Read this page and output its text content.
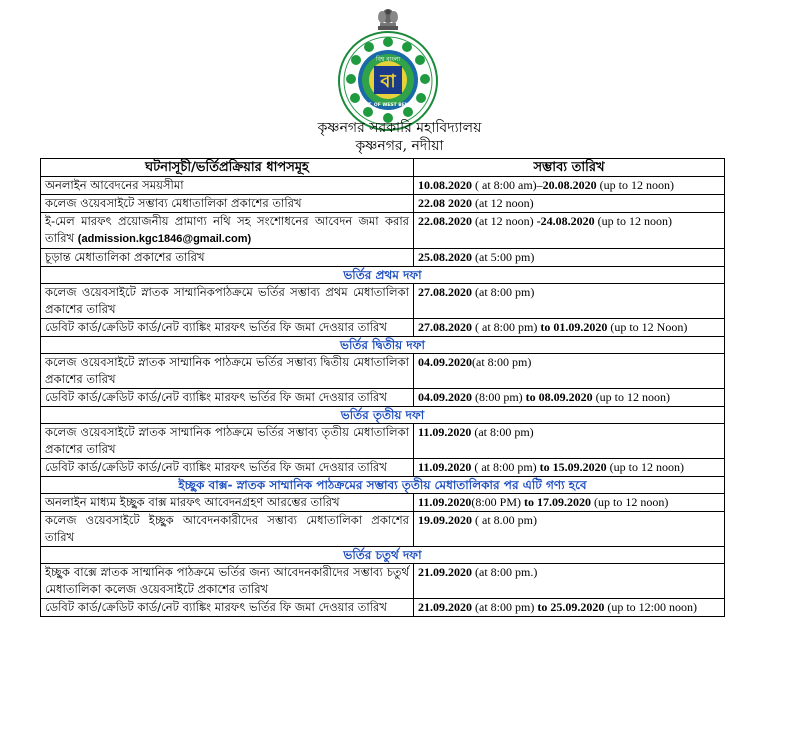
বা
বিশ্ব বাংলা
GOVT. OF WEST BENGAL
কৃষ্ণনগর সরকারি মহাবিদ্যালয়
কৃষ্ণনগর, নদীয়া
ঘটনাসূচী/ভর্তিপ্রক্রিয়ার ধাপসমূহ	সম্ভাব্য তারিখ
অনলাইন আবেদনের সময়সীমা	10.08.2020 ( at 8:00 am)–20.08.2020 (up to 12 noon)
কলেজ ওয়েবসাইটে সম্ভাব্য মেধাতালিকা প্রকাশের তারিখ	22.08 2020 (at 12 noon)
ই-মেল মারফৎ প্রয়োজনীয় প্রামাণ্য নথি সহ সংশোধনের আবেদন জমা করার তারিখ (admission.kgc1846@gmail.com)	22.08.2020 (at 12 noon) -24.08.2020 (up to 12 noon)
চূড়ান্ত মেধাতালিকা প্রকাশের তারিখ	25.08.2020 (at 5:00 pm)
ভর্তির প্রথম দফা	
কলেজ ওয়েবসাইটে স্নাতক সাম্মানিকপাঠক্রমে ভর্তির সম্ভাব্য প্রথম মেধাতালিকা প্রকাশের তারিখ	27.08.2020 (at 8:00 pm)
ডেবিট কার্ড/ক্রেডিট কার্ড/নেট ব্যাঙ্কিং মারফৎ ভর্তির ফি জমা দেওয়ার তারিখ	27.08.2020 ( at 8:00 pm) to 01.09.2020 (up to 12 Noon)
ভর্তির দ্বিতীয় দফা	
কলেজ ওয়েবসাইটে স্নাতক সাম্মানিক পাঠক্রমে ভর্তির সম্ভাব্য দ্বিতীয় মেধাতালিকা প্রকাশের তারিখ	04.09.2020(at 8:00 pm)
ডেবিট কার্ড/ক্রেডিট কার্ড/নেট ব্যাঙ্কিং মারফৎ ভর্তির ফি জমা দেওয়ার তারিখ	04.09.2020 (8:00 pm) to 08.09.2020 (up to 12 noon)
ভর্তির তৃতীয় দফা	
কলেজ ওয়েবসাইটে স্নাতক সাম্মানিক পাঠক্রমে ভর্তির সম্ভাব্য তৃতীয় মেধাতালিকা প্রকাশের তারিখ	11.09.2020 (at 8:00 pm)
ডেবিট কার্ড/ক্রেডিট কার্ড/নেট ব্যাঙ্কিং মারফৎ ভর্তির ফি জমা দেওয়ার তারিখ	11.09.2020 ( at 8:00 pm) to 15.09.2020 (up to 12 noon)
ইচ্ছুক বাক্স- স্নাতক সাম্মানিক পাঠক্রমের সম্ভাব্য তৃতীয় মেধাতালিকার পর এটি গণ্য হবে	
অনলাইন মাধ্যম ইচ্ছুক বাক্স মারফৎ আবেদনগ্রহণ আরম্ভের তারিখ	11.09.2020(8:00 PM) to 17.09.2020 (up to 12 noon)
কলেজ ওয়েবসাইটে ইচ্ছুক আবেদনকারীদের সম্ভাব্য মেধাতালিকা প্রকাশের তারিখ	19.09.2020 ( at 8.00 pm)
ভর্তির চতুর্থ দফা	
ইচ্ছুক বাক্সে স্নাতক সাম্মানিক পাঠক্রমে ভর্তির জন্য আবেদনকারীদের সম্ভাব্য চতুর্থ মেধাতালিকা কলেজ ওয়েবসাইটে প্রকাশের তারিখ	21.09.2020 (at 8:00 pm.)
ডেবিট কার্ড/ক্রেডিট কার্ড/নেট ব্যাঙ্কিং মারফৎ ভর্তির ফি জমা দেওয়ার তারিখ	21.09.2020 (at 8:00 pm) to 25.09.2020 (up to 12:00 noon)
